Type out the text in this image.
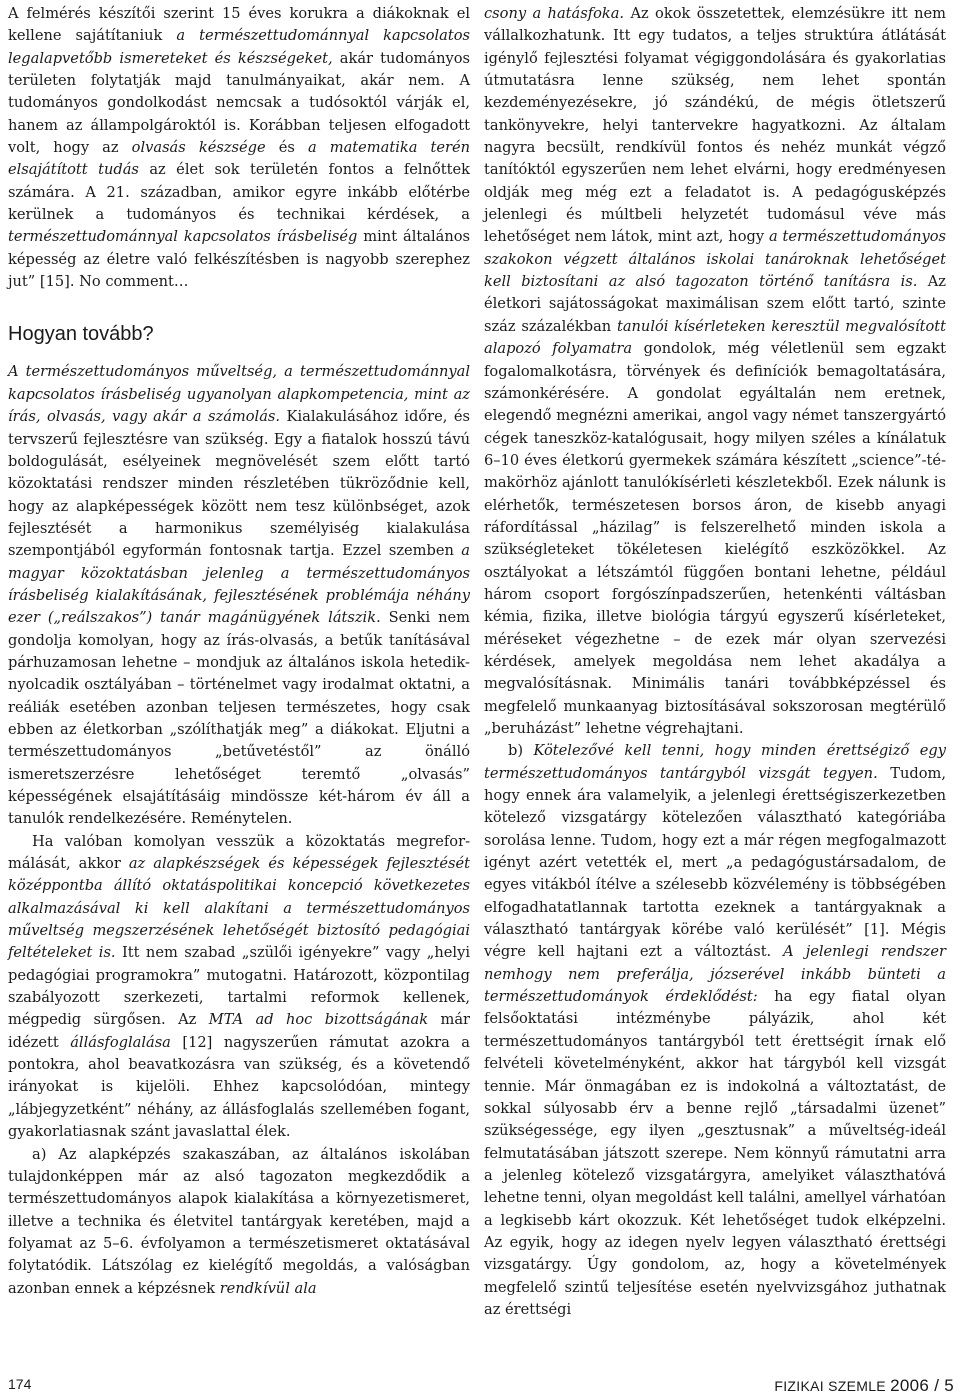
A felmérés készítői szerint 15 éves korukra a diákoknak el kellene sajátítaniuk a természettudománnyal kapcsolatos legalapvetőbb ismereteket és készségeket, akár tudományos területen folytatják majd tanulmányaikat, akár nem. A tudományos gondolkodást nemcsak a tudósoktól várják el, hanem az állampolgároktól is. Korábban teljesen elfogadott volt, hogy az olvasás készsége és a matematika terén elsajátított tudás az élet sok területén fontos a felnőttek számára. A 21. században, amikor egyre inkább előtérbe kerülnek a tudományos és technikai kérdések, a természettudománnyal kapcsolatos írásbeliség mint általános képesség az életre való felkészítésben is nagyobb szerephez jut” [15]. No comment…

Hogyan tovább?

A természettudományos műveltség, a természettudománnyal kapcsolatos írásbeliség ugyanolyan alapkompetencia, mint az írás, olvasás, vagy akár a számolás. Kialakulásához időre, és tervszerű fejlesztésre van szükség. Egy a fiatalok hosszú távú boldogulását, esélyeinek megnövelését szem előtt tartó közoktatási rendszer minden részletében tükröződnie kell, hogy az alapképességek között nem tesz különbséget, azok fejlesztését a harmonikus személyiség kialakulása szempontjából egyformán fontosnak tartja. Ezzel szemben a magyar közoktatásban jelenleg a természettudományos írásbeliség kialakításának, fejlesztésének problémája néhány ezer („reálszakos”) tanár magánügyének látszik. Senki nem gondolja komolyan, hogy az írás-olvasás, a betűk tanításával párhuzamosan lehetne – mondjuk az általános iskola hetedik-nyolcadik osztályában – történelmet vagy irodalmat oktatni, a reáliák esetében azonban teljesen természetes, hogy csak ebben az életkorban „szólíthatják meg” a diákokat. Eljutni a természettudományos „betűvetéstől” az önálló ismeretszerzésre lehetőséget teremtő „olvasás” képességének elsajátításáig mindössze két-három év áll a tanulók rendelkezésére. Reménytelen.

Ha valóban komolyan vesszük a közoktatás megreformálását, akkor az alapkészségek és képességek fejlesztését középpontba állító oktatáspolitikai koncepció következetes alkalmazásával ki kell alakítani a természettudományos műveltség megszerzésének lehetőségét biztosító pedagógiai feltételeket is. Itt nem szabad „szülői igényekre” vagy „helyi pedagógiai programokra” mutogatni. Határozott, központilag szabályozott szerkezeti, tartalmi reformok kellenek, mégpedig sürgősen. Az MTA ad hoc bizottságának már idézett állásfoglalása [12] nagyszerűen rámutat azokra a pontokra, ahol beavatkozásra van szükség, és a követendő irányokat is kijelöli. Ehhez kapcsolódóan, mintegy „lábjegyzetként” néhány, az állásfoglalás szellemében fogant, gyakorlatiasnak szánt javaslattal élek.

a) Az alapképzés szakaszában, az általános iskolában tulajdonképpen már az alsó tagozaton megkezdődik a természettudományos alapok kialakítása a környezetismeret, illetve a technika és életvitel tantárgyak keretében, majd a folyamat az 5–6. évfolyamon a természetismeret oktatásával folytatódik. Látszólag ez kielégítő megoldás, a valóságban azonban ennek a képzésnek rendkívül ala

csony a hatásfoka. Az okok összetettek, elemzésükre itt nem vállalkozhatunk. Itt egy tudatos, a teljes struktúra átlátását igénylő fejlesztési folyamat végiggondolására és gyakorlatias útmutatásra lenne szükség, nem lehet spontán kezdeményezésekre, jó szándékú, de mégis ötletszerű tankönyvekre, helyi tantervekre hagyatkozni. Az általam nagyra becsült, rendkívül fontos és nehéz munkát végző tanítóktól egyszerűen nem lehet elvárni, hogy eredményesen oldják meg még ezt a feladatot is. A pedagógusképzés jelenlegi és múltbeli helyzetét tudomásul véve más lehetőséget nem látok, mint azt, hogy a természettudományos szakokon végzett általános iskolai tanároknak lehetőséget kell biztosítani az alsó tagozaton történő tanításra is. Az életkori sajátosságokat maximálisan szem előtt tartó, szinte száz százalékban tanulói kísérleteken keresztül megvalósított alapozó folyamatra gondolok, még véletlenül sem egzakt fogalomalkotásra, törvények és definíciók bemagoltatására, számonkérésére. A gondolat egyáltalán nem eretnek, elegendő megnézni amerikai, angol vagy német tanszergyártó cégek taneszköz-katalógusait, hogy milyen széles a kínálatuk 6–10 éves életkorú gyermekek számára készített „science”-témakörhöz ajánlott tanulókísérleti készletekből. Ezek nálunk is elérhetők, természetesen borsos áron, de kisebb anyagi ráfordítással „házilag” is felszerelhető minden iskola a szükségleteket tökéletesen kielégítő eszközökkel. Az osztályokat a létszámtól függően bontani lehetne, például három csoport forgószínpadszerűen, hetenkénti váltásban kémia, fizika, illetve biológia tárgyú egyszerű kísérleteket, méréseket végezhetne – de ezek már olyan szervezési kérdések, amelyek megoldása nem lehet akadálya a megvalósításnak. Minimális tanári továbbképzéssel és megfelelő munkaanyag biztosításával sokszorosan megtérülő „beruházást” lehetne végrehajtani.

b) Kötelezővé kell tenni, hogy minden érettségiző egy természettudományos tantárgyból vizsgát tegyen. Tudom, hogy ennek ára valamelyik, a jelenlegi érettségiszerkezetben kötelező vizsgatárgy kötelezően választható kategóriába sorolása lenne. Tudom, hogy ezt a már régen megfogalmazott igényt azért vetették el, mert „a pedagógustársadalom, de egyes vitákból ítélve a szélesebb közvélemény is többségében elfogadhatatlannak tartotta ezeknek a tantárgyaknak a választható tantárgyak körébe való kerülését” [1]. Mégis végre kell hajtani ezt a változtást. A jelenlegi rendszer nemhogy nem preferálja, józserével inkább bünteti a természettudományok érdeklődést: ha egy fiatal olyan felsőoktatási intézménybe pályázik, ahol két természettudományos tantárgyból tett érettségit írnak elő felvételi követelményként, akkor hat tárgyból kell vizsgát tennie. Már önmagában ez is indokolná a változtatást, de sokkal súlyosabb érv a benne rejlő „társadalmi üzenet” szükségessége, egy ilyen „gesztusnak” a műveltség-ideál felmutatásában játszott szerepe. Nem könnyű rámutatni arra a jelenleg kötelező vizsgatárgyra, amelyiket választhatóvá lehetne tenni, olyan megoldást kell találni, amellyel várhatóan a legkisebb kárt okozzuk. Két lehetőséget tudok elképzelni. Az egyik, hogy az idegen nyelv legyen választható érettségi vizsgatárgy. Úgy gondolom, az, hogy a követelmények megfelelő szintű teljesítése esetén nyelvvizsgához juthatnak az érettségi

174	FIZIKAI SZEMLE 2006 / 5
